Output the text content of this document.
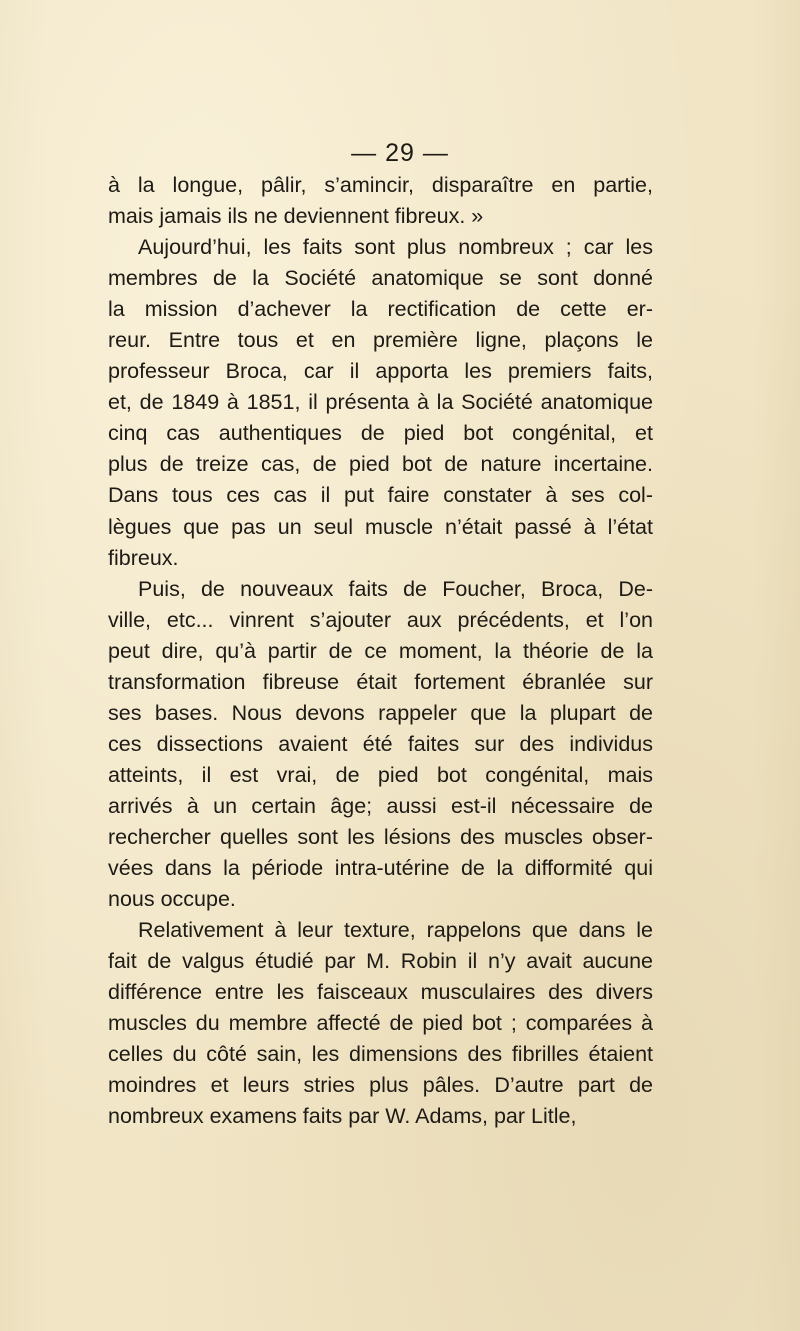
— 29 —
à la longue, pâlir, s’amincir, disparaître en partie,
mais jamais ils ne deviennent fibreux. »
Aujourd’hui, les faits sont plus nombreux ; car les
membres de la Société anatomique se sont donné
la mission d’achever la rectification de cette er-
reur. Entre tous et en première ligne, plaçons le
professeur Broca, car il apporta les premiers faits,
et, de 1849 à 1851, il présenta à la Société anatomique
cinq cas authentiques de pied bot congénital, et
plus de treize cas, de pied bot de nature incertaine.
Dans tous ces cas il put faire constater à ses col-
lègues que pas un seul muscle n’était passé à l’état
fibreux.
Puis, de nouveaux faits de Foucher, Broca, De-
ville, etc... vinrent s’ajouter aux précédents, et l’on
peut dire, qu’à partir de ce moment, la théorie de la
transformation fibreuse était fortement ébranlée sur
ses bases. Nous devons rappeler que la plupart de
ces dissections avaient été faites sur des individus
atteints, il est vrai, de pied bot congénital, mais
arrivés à un certain âge; aussi est-il nécessaire de
rechercher quelles sont les lésions des muscles obser-
vées dans la période intra-utérine de la difformité qui
nous occupe.
Relativement à leur texture, rappelons que dans le
fait de valgus étudié par M. Robin il n’y avait aucune
différence entre les faisceaux musculaires des divers
muscles du membre affecté de pied bot ; comparées à
celles du côté sain, les dimensions des fibrilles étaient
moindres et leurs stries plus pâles. D’autre part de
nombreux examens faits par W. Adams, par Litle,
